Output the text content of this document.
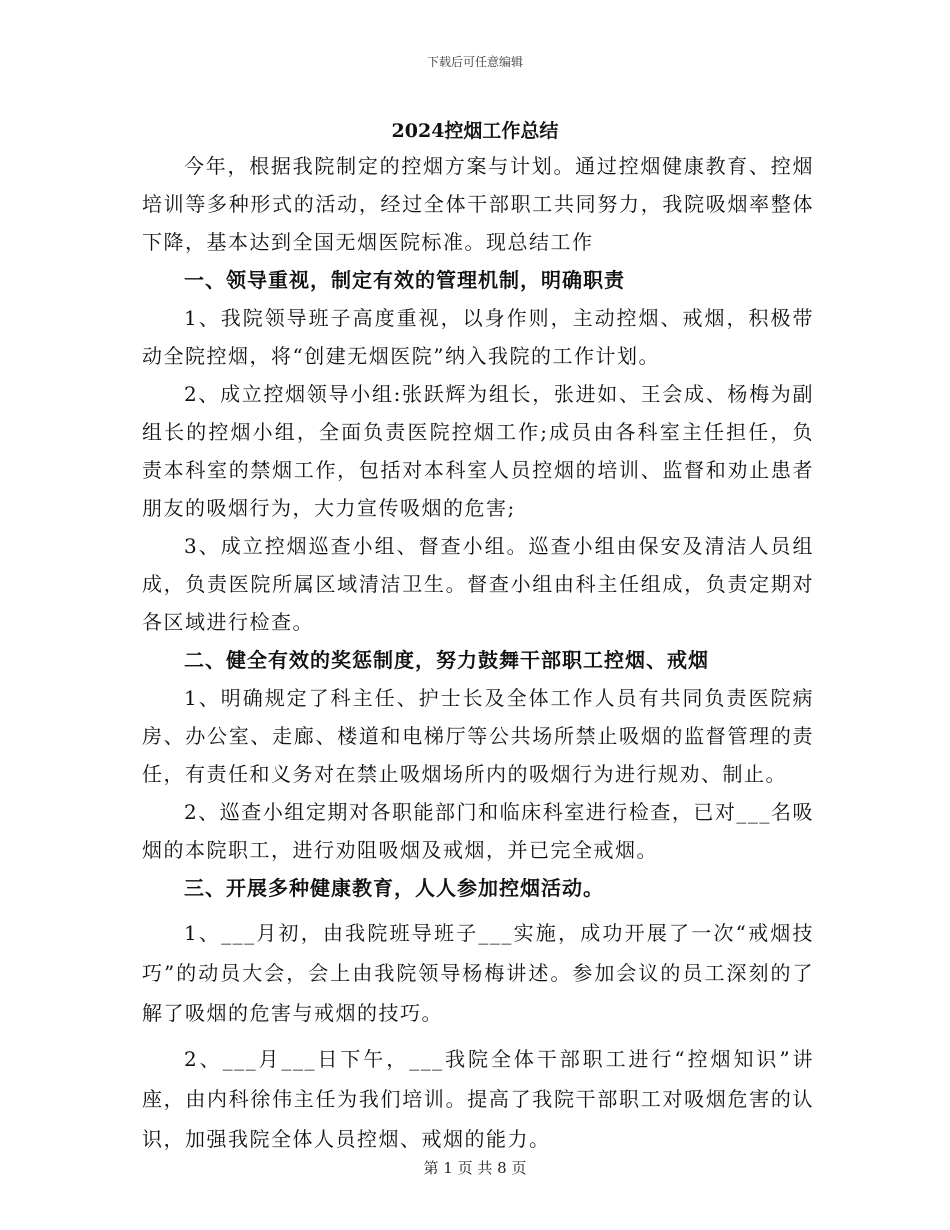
下载后可任意编辑
2024控烟工作总结

今年，根据我院制定的控烟方案与计划。通过控烟健康教育、控烟培训等多种形式的活动，经过全体干部职工共同努力，我院吸烟率整体下降，基本达到全国无烟医院标准。现总结工作

一、领导重视，制定有效的管理机制，明确职责

1、我院领导班子高度重视，以身作则，主动控烟、戒烟，积极带动全院控烟，将“创建无烟医院”纳入我院的工作计划。

2、成立控烟领导小组:张跃辉为组长，张进如、王会成、杨梅为副组长的控烟小组，全面负责医院控烟工作;成员由各科室主任担任，负责本科室的禁烟工作，包括对本科室人员控烟的培训、监督和劝止患者朋友的吸烟行为，大力宣传吸烟的危害;

3、成立控烟巡查小组、督查小组。巡查小组由保安及清洁人员组成，负责医院所属区域清洁卫生。督查小组由科主任组成，负责定期对各区域进行检查。

二、健全有效的奖惩制度，努力鼓舞干部职工控烟、戒烟

1、明确规定了科主任、护士长及全体工作人员有共同负责医院病房、办公室、走廊、楼道和电梯厅等公共场所禁止吸烟的监督管理的责任，有责任和义务对在禁止吸烟场所内的吸烟行为进行规劝、制止。

2、巡查小组定期对各职能部门和临床科室进行检查，已对___名吸烟的本院职工，进行劝阻吸烟及戒烟，并已完全戒烟。

三、开展多种健康教育，人人参加控烟活动。

1、___月初，由我院班导班子___实施，成功开展了一次“戒烟技巧”的动员大会，会上由我院领导杨梅讲述。参加会议的员工深刻的了解了吸烟的危害与戒烟的技巧。

2、___月___日下午，___我院全体干部职工进行“控烟知识”讲座，由内科徐伟主任为我们培训。提高了我院干部职工对吸烟危害的认识，加强我院全体人员控烟、戒烟的能力。

第 1 页 共 8 页
